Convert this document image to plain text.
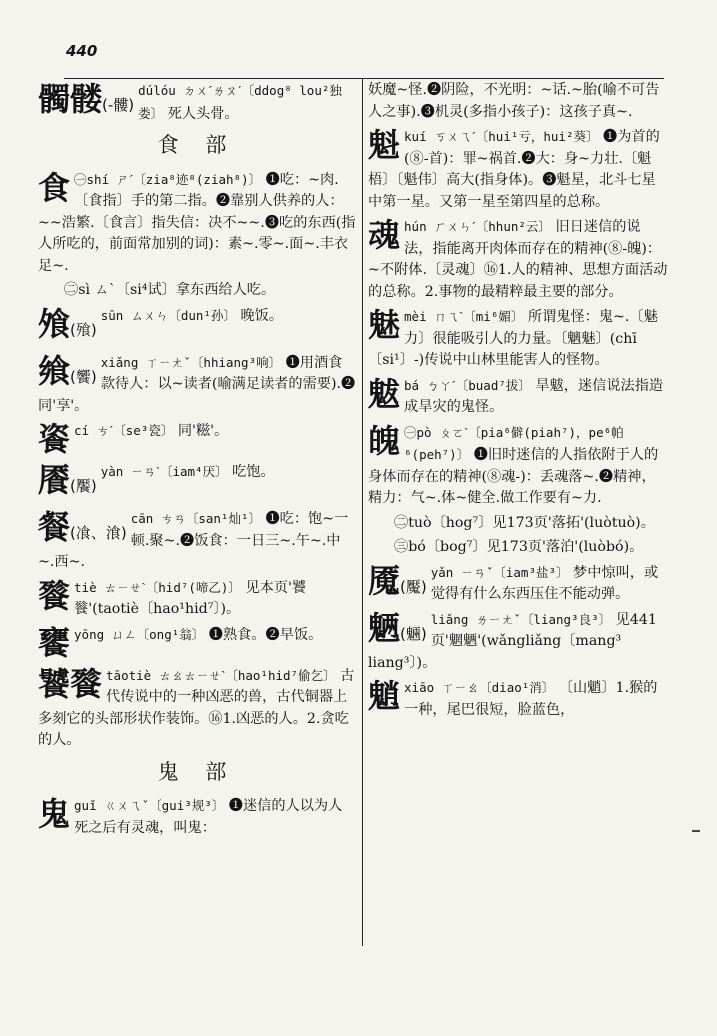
440
髑髅(-髏)
dúlóu ㄉㄨˊㄌㄡˊ〔ddog⁸ lou²独娄〕 死人头骨。
食 部
食 ㊀shí ㄕˊ〔zia⁸迹⁸(ziah⁸)〕 ❶吃：~肉.〔食指〕手的第二指。❷靠别人供养的人：~~浩繁.〔食言〕指失信：决不~~.❸吃的东西(指人所吃的，前面常加别的词)：素~.零~.面~.丰衣足~.
㊁sì ㄙˋ〔si⁴试〕拿东西给人吃。
飧(飱)
sūn ㄙㄨㄣ〔dun¹孙〕 晚饭。
飨(饗)
xiǎng ㄒㄧㄤˇ〔hhiang³响〕 ❶用酒食款待人：以~读者(喻满足读者的需要).❷同'享'。
餈cí ㄘˊ〔se³瓷〕 同'糍'。
餍(饜)
yàn ㄧㄢˋ〔iam⁴厌〕 吃饱。
餐(飡、湌)
cān ㄘㄢ〔san¹灿¹〕 ❶吃：饱~一顿.聚~.❷饭食：一日三~.午~.中~.西~.
餮tiè ㄊㄧㄝˋ〔hid⁷(啼乙)〕 见本页'饕餮'(taotiè〔hao¹hid⁷〕)。
饔yōng ㄩㄥ〔ong¹翁〕 ❶熟食。❷早饭。
饕餮 tāotiè ㄊㄠㄊㄧㄝˋ〔hao¹hid⁷偷乞〕 古代传说中的一种凶恶的兽，古代铜器上多刻它的头部形状作装饰。⑯1.凶恶的人。2.贪吃的人。
鬼 部
鬼guǐ ㄍㄨㄟˇ〔gui³规³〕 ❶迷信的人以为人死之后有灵魂，叫鬼：
妖魔~怪.❷阴险，不光明：~话.~胎(喻不可告人之事).❸机灵(多指小孩子)：这孩子真~.
魁kuí ㄎㄨㄟˊ〔hui¹亏，hui²葵〕 ❶为首的(⑧-首)：罪~祸首.❷大：身~力壮.〔魁梧〕〔魁伟〕高大(指身体)。❸魁星，北斗七星中第一星。又第一星至第四星的总称。
魂hún ㄏㄨㄣˊ〔hhun²云〕 旧日迷信的说法，指能离开肉体而存在的精神(⑧-魄)：~不附体.〔灵魂〕⑯1.人的精神、思想方面活动的总称。2.事物的最精粹最主要的部分。
魅mèi ㄇㄟˋ〔mi⁶媚〕 所谓鬼怪：鬼~.〔魅力〕很能吸引人的力量。〔魑魅〕(chī〔si¹〕-)传说中山林里能害人的怪物。
魃bá ㄅㄚˊ〔buad⁷拔〕 旱魃，迷信说法指造成旱灾的鬼怪。
魄 ㊀pò ㄆㄛˋ〔pia⁶僻(piah⁷)，pe⁶帕⁶(peh⁷)〕 ❶旧时迷信的人指依附于人的身体而存在的精神(⑧魂-)：丢魂落~.❷精神，精力：气~.体~健全.做工作要有~力.
㊁tuò〔hog⁷〕见173页'落拓'(luòtuò)。
㊂bó〔bog⁷〕见173页'落泊'(luòbó)。
魇(魘)
yǎn ㄧㄢˇ〔iam³盐³〕 梦中惊叫，或觉得有什么东西压住不能动弹。
魉(魎)
liǎng ㄌㄧㄤˇ〔liang³良³〕 见441页'魍魉'(wǎngliǎng〔mang³ liang³〕)。
魈xiāo ㄒㄧㄠ〔diao¹消〕 〔山魈〕1.猴的一种，尾巴很短，脸蓝色，
